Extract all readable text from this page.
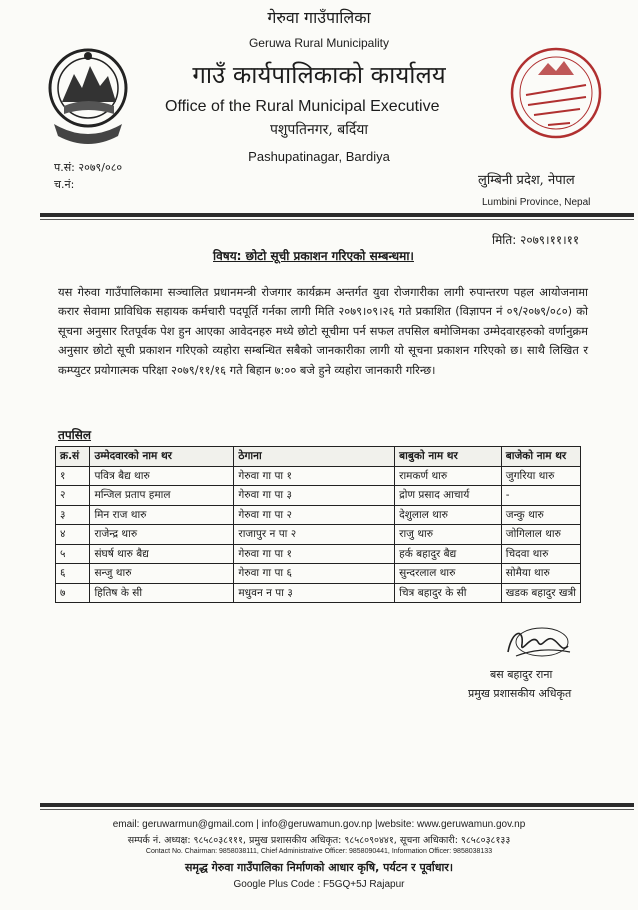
गेरुवा गाउँपालिका
Geruwa Rural Municipality
गाउँ कार्यपालिकाको कार्यालय
Office of the Rural Municipal Executive
पशुपतिनगर, बर्दिया
Pashupatinagar, Bardiya
प.सं: २०७९/०८०
च.नं:	लुम्बिनी प्रदेश, नेपाल
Lumbini Province, Nepal
मिति: २०७९।११।११
विषय: छोटो सूची प्रकाशन गरिएको सम्बन्धमा।
यस गेरुवा गाउँपालिकामा सञ्चालित प्रधानमन्त्री रोजगार कार्यक्रम अन्तर्गत युवा रोजगारीका लागी रुपान्तरण पहल आयोजनामा करार सेवामा प्राविधिक सहायक कर्मचारी पदपूर्ति गर्नका लागी मिति २०७९।०९।२६ गते प्रकाशित (विज्ञापन नं ०९/२०७९/०८०) को सूचना अनुसार रितपूर्वक पेश हुन आएका आवेदनहरु मध्ये छोटो सूचीमा पर्न सफल तपसिल बमोजिमका उम्मेदवारहरुको वर्णानुक्रम अनुसार छोटो सूची प्रकाशन गरिएको व्यहोरा सम्बन्धित सबैको जानकारीका लागी यो सूचना प्रकाशन गरिएको छ। साथै लिखित र कम्प्युटर प्रयोगात्मक परिक्षा २०७९/११/१६ गते बिहान ७:०० बजे हुने व्यहोरा जानकारी गरिन्छ।
तपसिल
क्र.सं	उम्मेदवारको नाम थर	ठेगाना	बाबुको नाम थर	बाजेको नाम थर
१	पवित्र बैद्य थारु	गेरुवा गा पा १	रामकर्ण थारु	जुगरिया थारु
२	मन्जिल प्रताप हमाल	गेरुवा गा पा ३	द्रोण प्रसाद आचार्य	-
३	मिन राज थारु	गेरुवा गा पा २	देशुलाल थारु	जन्कु थारु
४	राजेन्द्र थारु	राजापुर न पा २	राजु थारु	जोगिलाल थारु
५	संघर्ष थारु बैद्य	गेरुवा गा पा १	हर्क बहादुर बैद्य	चिदवा थारु
६	सन्जु थारु	गेरुवा गा पा ६	सुन्दरलाल थारु	सोमैया थारु
७	हितिष के सी	मधुवन न पा ३	चित्र बहादुर के सी	खडक बहादुर खत्री
बस बहादुर राना
प्रमुख प्रशासकीय अधिकृत
email: geruwarmun@gmail.com | info@geruwamun.gov.np |website: www.geruwamun.gov.np
सम्पर्क नं. अध्यक्ष: ९८५८०३८१११, प्रमुख प्रशासकीय अधिकृत: ९८५८०९०४४१, सूचना अधिकारी: ९८५८०३८१३३
Contact No. Chairman: 9858038111, Chief Administrative Officer: 9858090441, Information Officer: 9858038133
समृद्ध गेरुवा गाउँपालिका निर्माणको आधार कृषि, पर्यटन र पूर्वाधार।
Google Plus Code : F5GQ+5J Rajapur
